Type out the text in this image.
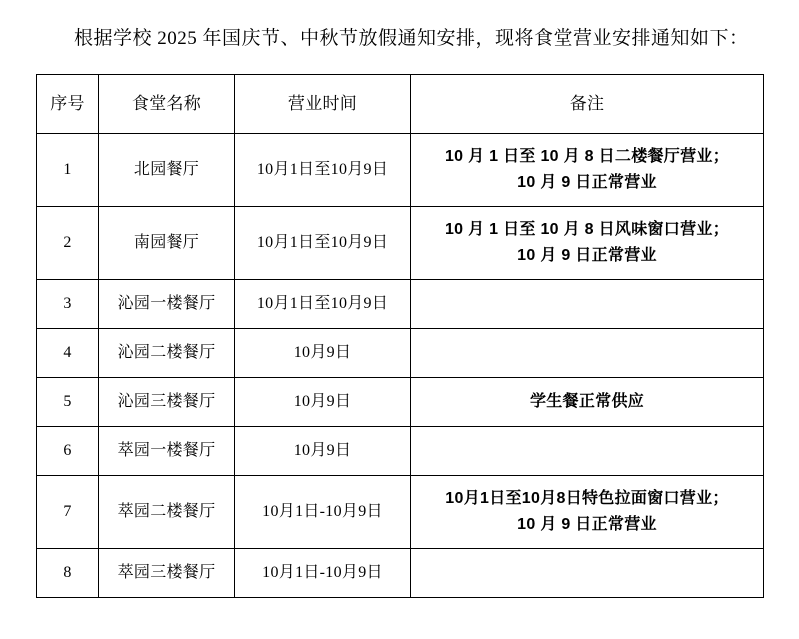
根据学校 2025 年国庆节、中秋节放假通知安排，现将食堂营业安排通知如下：

序号	食堂名称	营业时间	备注
1	北园餐厅	10月1日至10月9日	10 月 1 日至 10 月 8 日二楼餐厅营业；
10 月 9 日正常营业

2	南园餐厅	10月1日至10月9日	10 月 1 日至 10 月 8 日风味窗口营业；
10 月 9 日正常营业

3	沁园一楼餐厅	10月1日至10月9日	
4	沁园二楼餐厅	10月9日	
5	沁园三楼餐厅	10月9日	学生餐正常供应
6	萃园一楼餐厅	10月9日	
7	萃园二楼餐厅	10月1日-10月9日	10月1日至10月8日特色拉面窗口营业；
10 月 9 日正常营业

8	萃园三楼餐厅	10月1日-10月9日	
